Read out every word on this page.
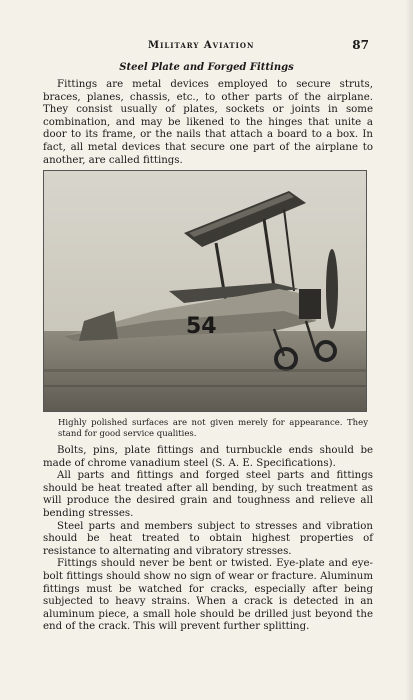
Military Aviation	87
Steel Plate and Forged Fittings

Fittings are metal devices employed to secure struts, braces, planes, chassis, etc., to other parts of the airplane. They consist usually of plates, sockets or joints in some combination, and may be likened to the hinges that unite a door to its frame, or the nails that attach a board to a box. In fact, all metal devices that secure one part of the airplane to another, are called fittings.

54
Highly polished surfaces are not given merely for appearance. They stand for good service qualities.

Bolts, pins, plate fittings and turnbuckle ends should be made of chrome vanadium steel (S. A. E. Specifications).

All parts and fittings and forged steel parts and fittings should be heat treated after all bending, by such treatment as will produce the desired grain and toughness and relieve all bending stresses.

Steel parts and members subject to stresses and vibration should be heat treated to obtain highest properties of resistance to alternating and vibratory stresses.

Fittings should never be bent or twisted. Eye-plate and eye-bolt fittings should show no sign of wear or fracture. Aluminum fittings must be watched for cracks, especially after being subjected to heavy strains. When a crack is detected in an aluminum piece, a small hole should be drilled just beyond the end of the crack. This will prevent further splitting.
